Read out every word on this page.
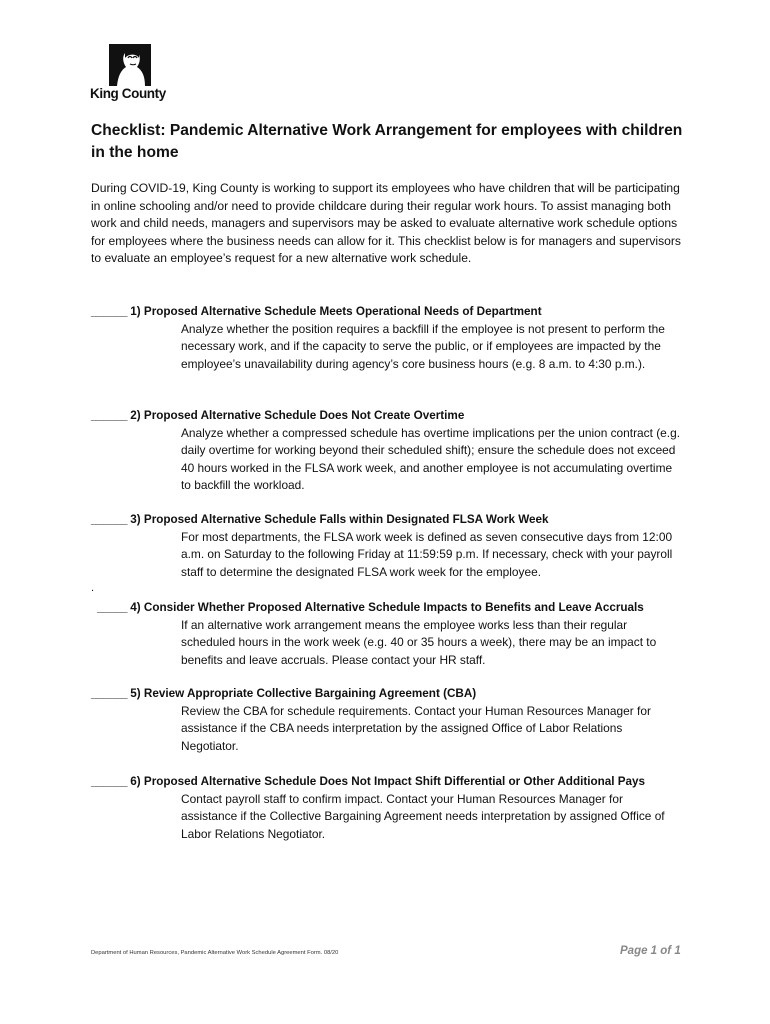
King County
Checklist: Pandemic Alternative Work Arrangement for employees with children in the home

During COVID-19, King County is working to support its employees who have children that will be participating in online schooling and/or need to provide childcare during their regular work hours. To assist managing both work and child needs, managers and supervisors may be asked to evaluate alternative work schedule options for employees where the business needs can allow for it. This checklist below is for managers and supervisors to evaluate an employee’s request for a new alternative work schedule.

______ 1) Proposed Alternative Schedule Meets Operational Needs of Department
Analyze whether the position requires a backfill if the employee is not present to perform the necessary work, and if the capacity to serve the public, or if employees are impacted by the employee’s unavailability during agency’s core business hours (e.g. 8 a.m. to 4:30 p.m.).
______ 2) Proposed Alternative Schedule Does Not Create Overtime
Analyze whether a compressed schedule has overtime implications per the union contract (e.g. daily overtime for working beyond their scheduled shift); ensure the schedule does not exceed 40 hours worked in the FLSA work week, and another employee is not accumulating overtime to backfill the workload.
______ 3) Proposed Alternative Schedule Falls within Designated FLSA Work Week
For most departments, the FLSA work week is defined as seven consecutive days from 12:00 a.m. on Saturday to the following Friday at 11:59:59 p.m. If necessary, check with your payroll staff to determine the designated FLSA work week for the employee.
.
_____ 4) Consider Whether Proposed Alternative Schedule Impacts to Benefits and Leave Accruals
If an alternative work arrangement means the employee works less than their regular scheduled hours in the work week (e.g. 40 or 35 hours a week), there may be an impact to benefits and leave accruals. Please contact your HR staff.
______ 5) Review Appropriate Collective Bargaining Agreement (CBA)
Review the CBA for schedule requirements. Contact your Human Resources Manager for assistance if the CBA needs interpretation by the assigned Office of Labor Relations Negotiator.
______ 6) Proposed Alternative Schedule Does Not Impact Shift Differential or Other Additional Pays
Contact payroll staff to confirm impact. Contact your Human Resources Manager for assistance if the Collective Bargaining Agreement needs interpretation by assigned Office of Labor Relations Negotiator.
Department of Human Resources, Pandemic Alternative Work Schedule Agreement Form. 08/20	Page 1 of 1
